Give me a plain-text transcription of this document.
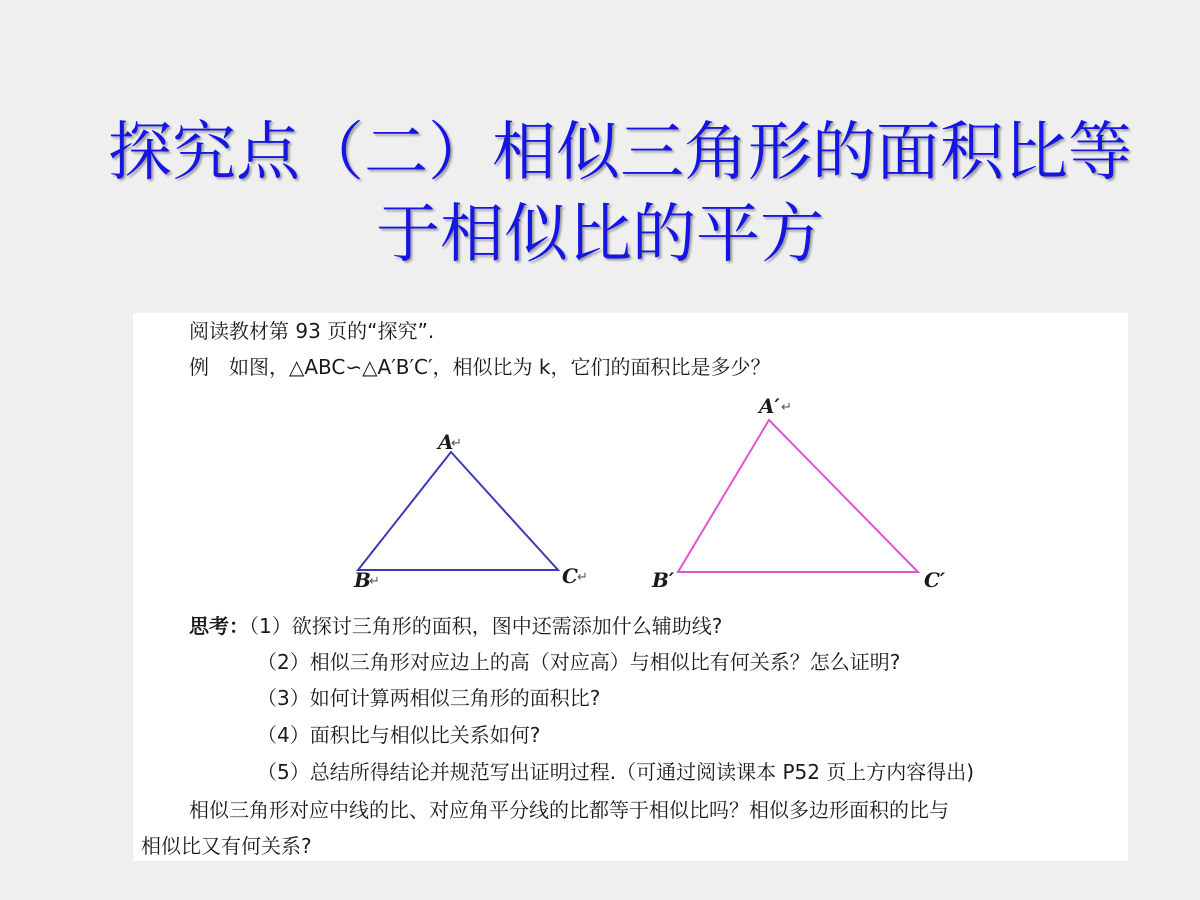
探究点（二）相似三角形的面积比等
于相似比的平方
阅读教材第 93 页的“探究”.
例　如图，△ABC∽△A′B′C′，相似比为 k，它们的面积比是多少？
A
↵
B
↵	C ↵
A′ ↵
B′	C′
思考：（1）欲探讨三角形的面积，图中还需添加什么辅助线?
（2）相似三角形对应边上的高（对应高）与相似比有何关系？怎么证明?
（3）如何计算两相似三角形的面积比?
（4）面积比与相似比关系如何?
（5）总结所得结论并规范写出证明过程.（可通过阅读课本 P52 页上方内容得出)
相似三角形对应中线的比、对应角平分线的比都等于相似比吗？相似多边形面积的比与
相似比又有何关系?
